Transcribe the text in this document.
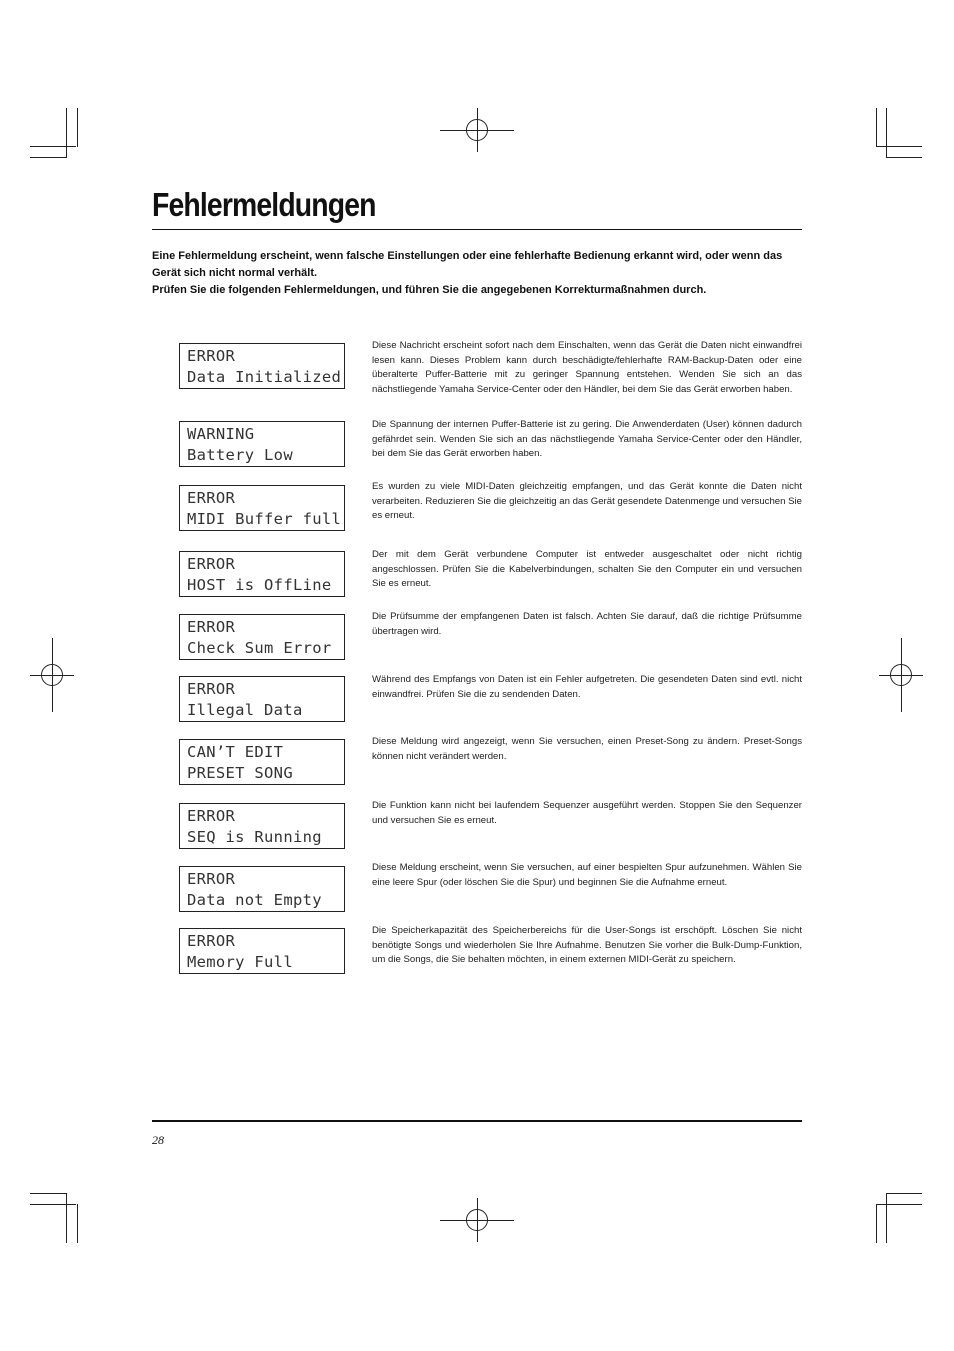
Fehlermeldungen

Eine Fehlermeldung erscheint, wenn falsche Einstellungen oder eine fehlerhafte Bedienung erkannt wird, oder wenn das Gerät sich nicht normal verhält.

Prüfen Sie die folgenden Fehlermeldungen, und führen Sie die angegebenen Korrekturmaßnahmen durch.

ERROR
Data Initialized
Diese Nachricht erscheint sofort nach dem Einschalten, wenn das Gerät die Daten nicht einwandfrei lesen kann. Dieses Problem kann durch beschädigte/fehlerhafte RAM-Backup-Daten oder eine überalterte Puffer-Batterie mit zu geringer Spannung entstehen. Wenden Sie sich an das nächstliegende Yamaha Service-Center oder den Händler, bei dem Sie das Gerät erworben haben.
WARNING
Battery Low
Die Spannung der internen Puffer-Batterie ist zu gering. Die Anwenderdaten (User) können dadurch gefährdet sein. Wenden Sie sich an das nächstliegende Yamaha Service-Center oder den Händler, bei dem Sie das Gerät erworben haben.
ERROR
MIDI Buffer full
Es wurden zu viele MIDI-Daten gleichzeitig empfangen, und das Gerät konnte die Daten nicht verarbeiten. Reduzieren Sie die gleichzeitig an das Gerät gesendete Datenmenge und versuchen Sie es erneut.
ERROR
HOST is OffLine
Der mit dem Gerät verbundene Computer ist entweder ausgeschaltet oder nicht richtig angeschlossen. Prüfen Sie die Kabelverbindungen, schalten Sie den Computer ein und versuchen Sie es erneut.
ERROR
Check Sum Error
Die Prüfsumme der empfangenen Daten ist falsch. Achten Sie darauf, daß die richtige Prüfsumme übertragen wird.
ERROR
Illegal Data
Während des Empfangs von Daten ist ein Fehler aufgetreten. Die gesendeten Daten sind evtl. nicht einwandfrei. Prüfen Sie die zu sendenden Daten.
CAN’T EDIT
PRESET SONG
Diese Meldung wird angezeigt, wenn Sie versuchen, einen Preset-Song zu ändern. Preset-Songs können nicht verändert werden.
ERROR
SEQ is Running
Die Funktion kann nicht bei laufendem Sequenzer ausgeführt werden. Stoppen Sie den Sequenzer und versuchen Sie es erneut.
ERROR
Data not Empty
Diese Meldung erscheint, wenn Sie versuchen, auf einer bespielten Spur aufzunehmen. Wählen Sie eine leere Spur (oder löschen Sie die Spur) und beginnen Sie die Aufnahme erneut.
ERROR
Memory Full
Die Speicherkapazität des Speicherbereichs für die User-Songs ist erschöpft. Löschen Sie nicht benötigte Songs und wiederholen Sie Ihre Aufnahme. Benutzen Sie vorher die Bulk-Dump-Funktion, um die Songs, die Sie behalten möchten, in einem externen MIDI-Gerät zu speichern.
28
